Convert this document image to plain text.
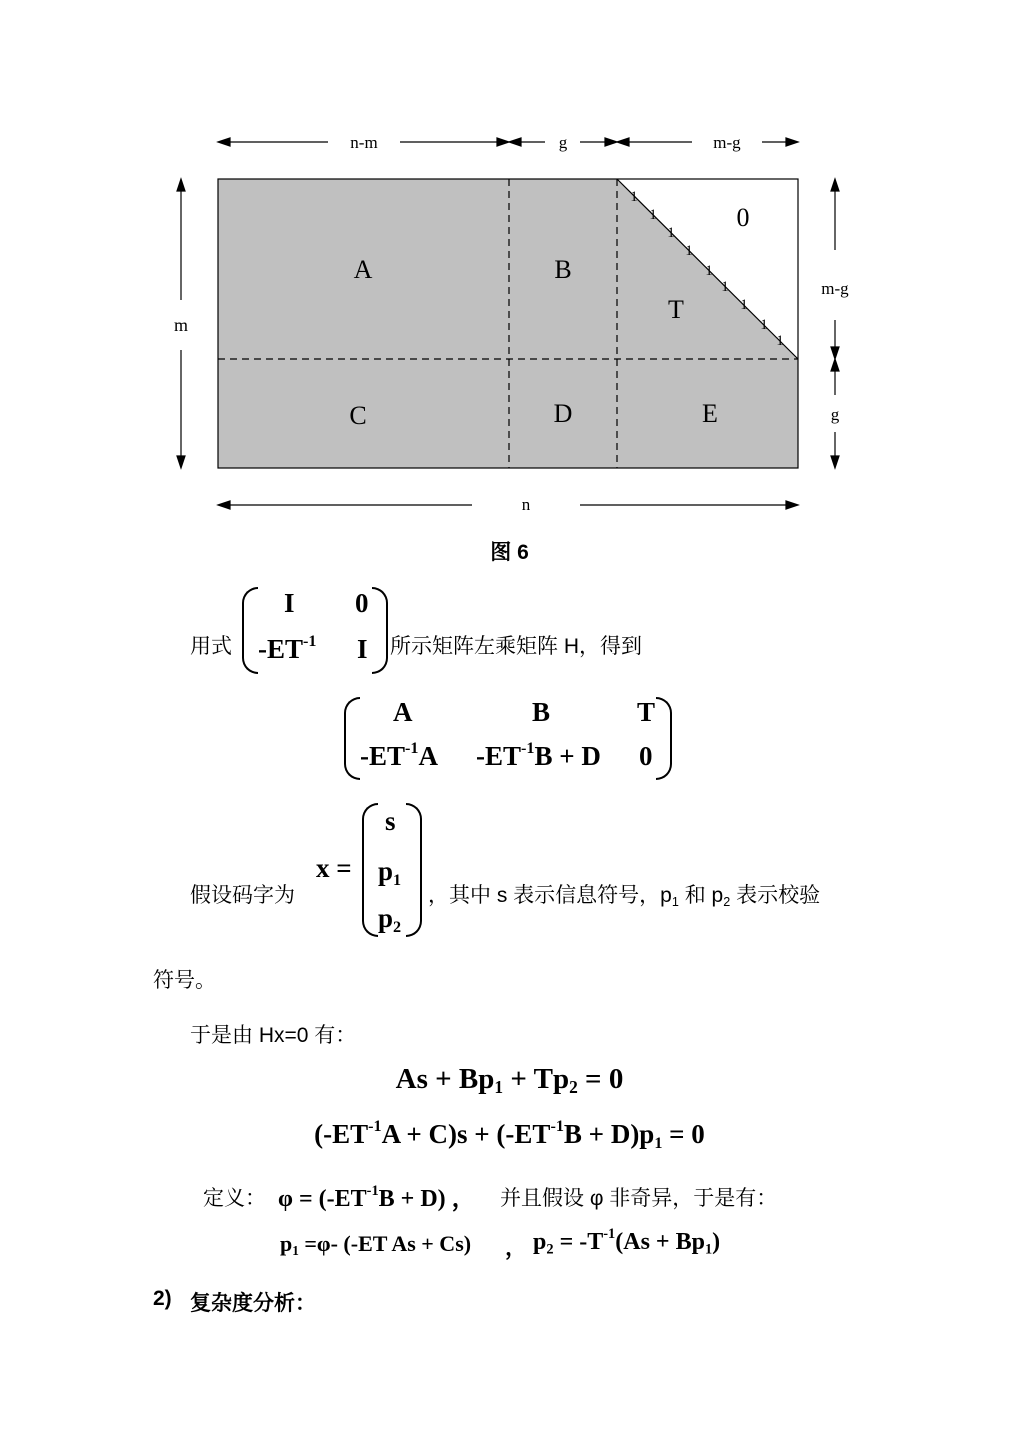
n-m	g	m-g
m
m-g
g
n
A	B
T
0
C	D	E
1
1
1
1
1
1
1
1
1
图 6
用式
I 0
$-ET^{-1}$ I 所示矩阵左乘矩阵 H，得到
A	B	T
$-ET^{-1}A$ $-ET^{-1}B + D$ 0
假设码字为
x =
s
$p_1$
$p_2$
，其中 s 表示信息符号，$p_1$ 和 $p_2$ 表示校验
符号。
于是由 Hx=0 有：
$As + Bp_1 + Tp_2 = 0$
$(-ET^{-1}A + C)s + (-ET^{-1}B + D)p_1 = 0$
定义： $\varphi = (-ET^{-1}B + D)$ ， 并且假设 φ 非奇异，于是有：
$p_1 =\varphi-$ (-ET As + Cs) ， $p_2 = -T^{-1}(As + Bp_1)$
2) 复杂度分析：
